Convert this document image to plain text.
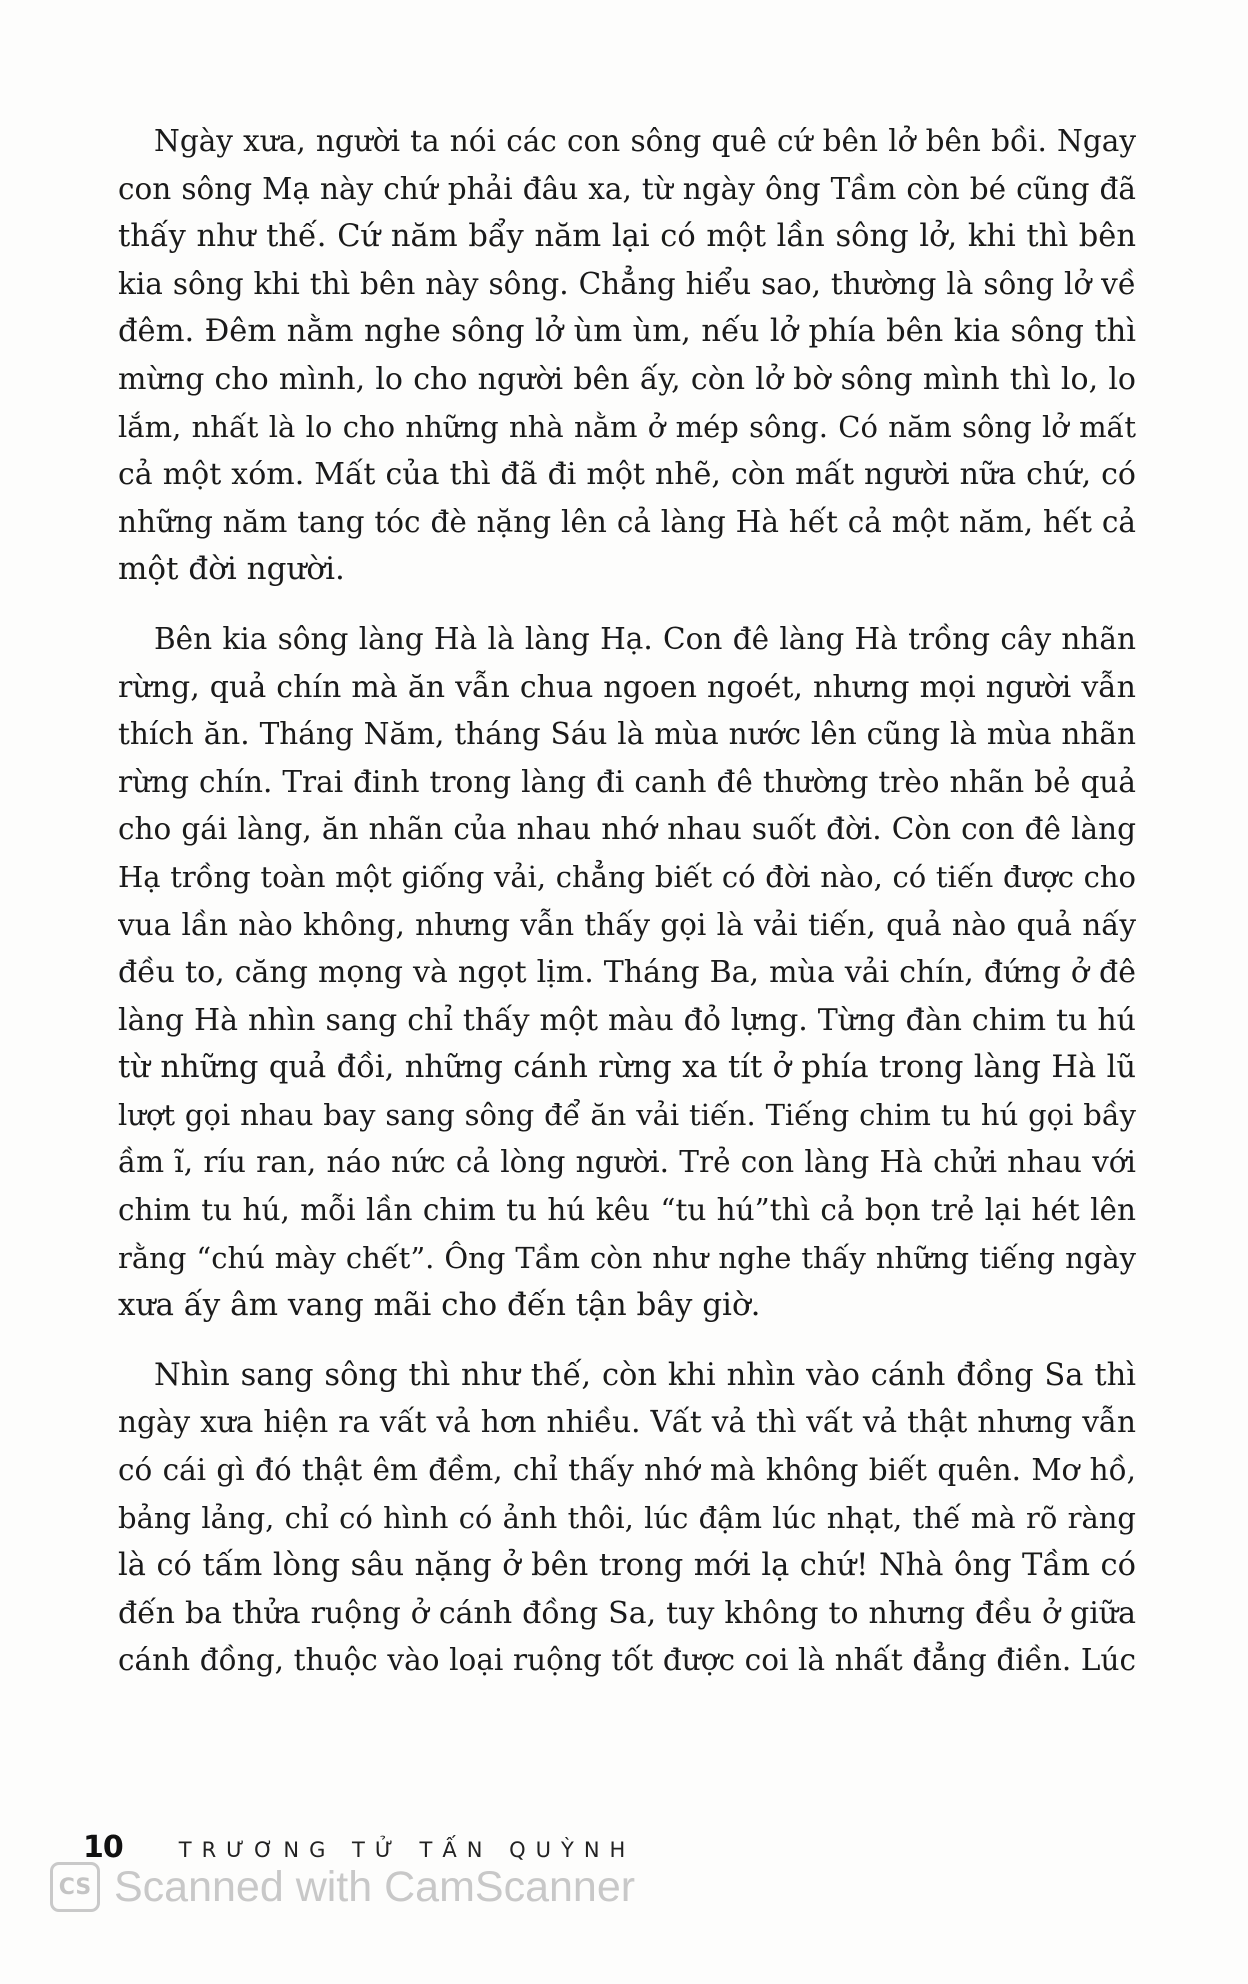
Ngày xưa, người ta nói các con sông quê cứ bên lở bên bồi. Ngay
con sông Mạ này chứ phải đâu xa, từ ngày ông Tầm còn bé cũng đã
thấy như thế. Cứ năm bẩy năm lại có một lần sông lở, khi thì bên
kia sông khi thì bên này sông. Chẳng hiểu sao, thường là sông lở về
đêm. Đêm nằm nghe sông lở ùm ùm, nếu lở phía bên kia sông thì
mừng cho mình, lo cho người bên ấy, còn lở bờ sông mình thì lo, lo
lắm, nhất là lo cho những nhà nằm ở mép sông. Có năm sông lở mất
cả một xóm. Mất của thì đã đi một nhẽ, còn mất người nữa chứ, có
những năm tang tóc đè nặng lên cả làng Hà hết cả một năm, hết cả
một đời người.
Bên kia sông làng Hà là làng Hạ. Con đê làng Hà trồng cây nhãn
rừng, quả chín mà ăn vẫn chua ngoen ngoét, nhưng mọi người vẫn
thích ăn. Tháng Năm, tháng Sáu là mùa nước lên cũng là mùa nhãn
rừng chín. Trai đinh trong làng đi canh đê thường trèo nhãn bẻ quả
cho gái làng, ăn nhãn của nhau nhớ nhau suốt đời. Còn con đê làng
Hạ trồng toàn một giống vải, chẳng biết có đời nào, có tiến được cho
vua lần nào không, nhưng vẫn thấy gọi là vải tiến, quả nào quả nấy
đều to, căng mọng và ngọt lịm. Tháng Ba, mùa vải chín, đứng ở đê
làng Hà nhìn sang chỉ thấy một màu đỏ lựng. Từng đàn chim tu hú
từ những quả đồi, những cánh rừng xa tít ở phía trong làng Hà lũ
lượt gọi nhau bay sang sông để ăn vải tiến. Tiếng chim tu hú gọi bầy
ầm ĩ, ríu ran, náo nức cả lòng người. Trẻ con làng Hà chửi nhau với
chim tu hú, mỗi lần chim tu hú kêu “tu hú”thì cả bọn trẻ lại hét lên
rằng “chú mày chết”. Ông Tầm còn như nghe thấy những tiếng ngày
xưa ấy âm vang mãi cho đến tận bây giờ.
Nhìn sang sông thì như thế, còn khi nhìn vào cánh đồng Sa thì
ngày xưa hiện ra vất vả hơn nhiều. Vất vả thì vất vả thật nhưng vẫn
có cái gì đó thật êm đềm, chỉ thấy nhớ mà không biết quên. Mơ hồ,
bảng lảng, chỉ có hình có ảnh thôi, lúc đậm lúc nhạt, thế mà rõ ràng
là có tấm lòng sâu nặng ở bên trong mới lạ chứ! Nhà ông Tầm có
đến ba thửa ruộng ở cánh đồng Sa, tuy không to nhưng đều ở giữa
cánh đồng, thuộc vào loại ruộng tốt được coi là nhất đẳng điền. Lúc
10	TRƯƠNG TỬ TẤN QUỲNH
CS Scanned with CamScanner
